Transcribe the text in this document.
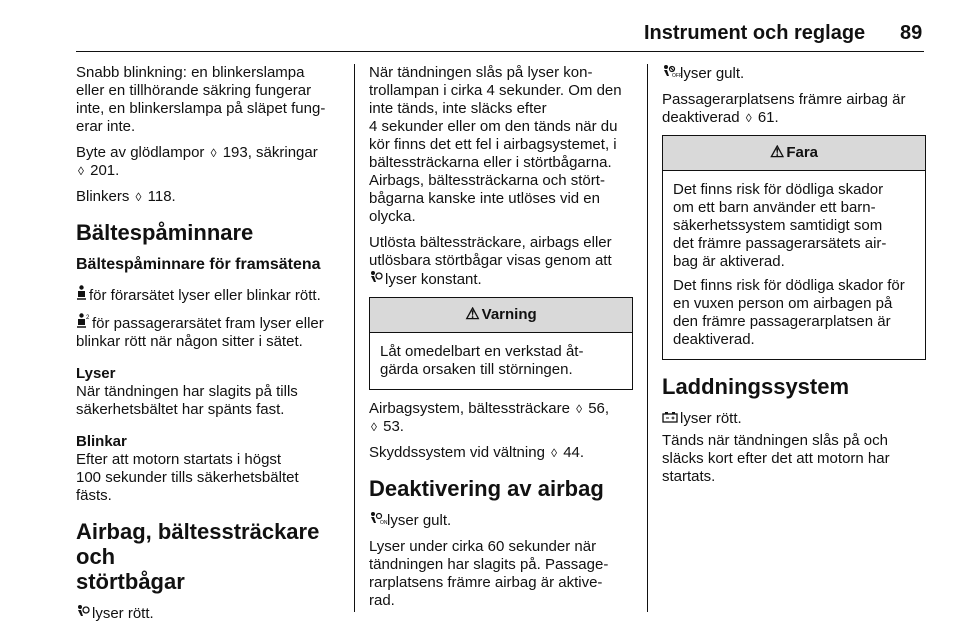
Instrument och reglage 89

Snabb blinkning: en blinkerslampa
eller en tillhörande säkring fungerar
inte, en blinkerslampa på släpet fung-
erar inte.

Byte av glödlampor ◊ 193, säkringar
◊ 201.

Blinkers ◊ 118.

Bältespåminnare
Bältespåminnare för framsätena

för förarsätet lyser eller blinkar rött.

2 för passagerarsätet fram lyser eller
blinkar rött när någon sitter i sätet.

Lyser

När tändningen har slagits på tills
säkerhetsbältet har spänts fast.

Blinkar

Efter att motorn startats i högst
100 sekunder tills säkerhetsbältet
fästs.

Airbag, bältessträckare och
störtbågar

lyser rött.

När tändningen slås på lyser kon-
trollampan i cirka 4 sekunder. Om den
inte tänds, inte släcks efter
4 sekunder eller om den tänds när du
kör finns det ett fel i airbagsystemet, i
bältessträckarna eller i störtbågarna.
Airbags, bältessträckarna och stört-
bågarna kanske inte utlöses vid en
olycka.

Utlösta bältessträckare, airbags eller
utlösbara störtbågar visas genom att
lyser konstant.

⚠ Varning

Låt omedelbart en verkstad åt-
gärda orsaken till störningen.

Airbagsystem, bältessträckare ◊ 56,
◊ 53.

Skyddssystem vid vältning ◊ 44.

Deaktivering av airbag

ON lyser gult.

Lyser under cirka 60 sekunder när
tändningen har slagits på. Passage-
rarplatsens främre airbag är aktive-
rad.

OFF
lyser gult.

Passagerarplatsens främre airbag är
deaktiverad ◊ 61.

⚠ Fara

Det finns risk för dödliga skador
om ett barn använder ett barn-
säkerhetssystem samtidigt som
det främre passagerarsätets air-
bag är aktiverad.

Det finns risk för dödliga skador för
en vuxen person om airbagen på
den främre passagerarplatsen är
deaktiverad.

Laddningssystem

lyser rött.

Tänds när tändningen slås på och
släcks kort efter det att motorn har
startats.
